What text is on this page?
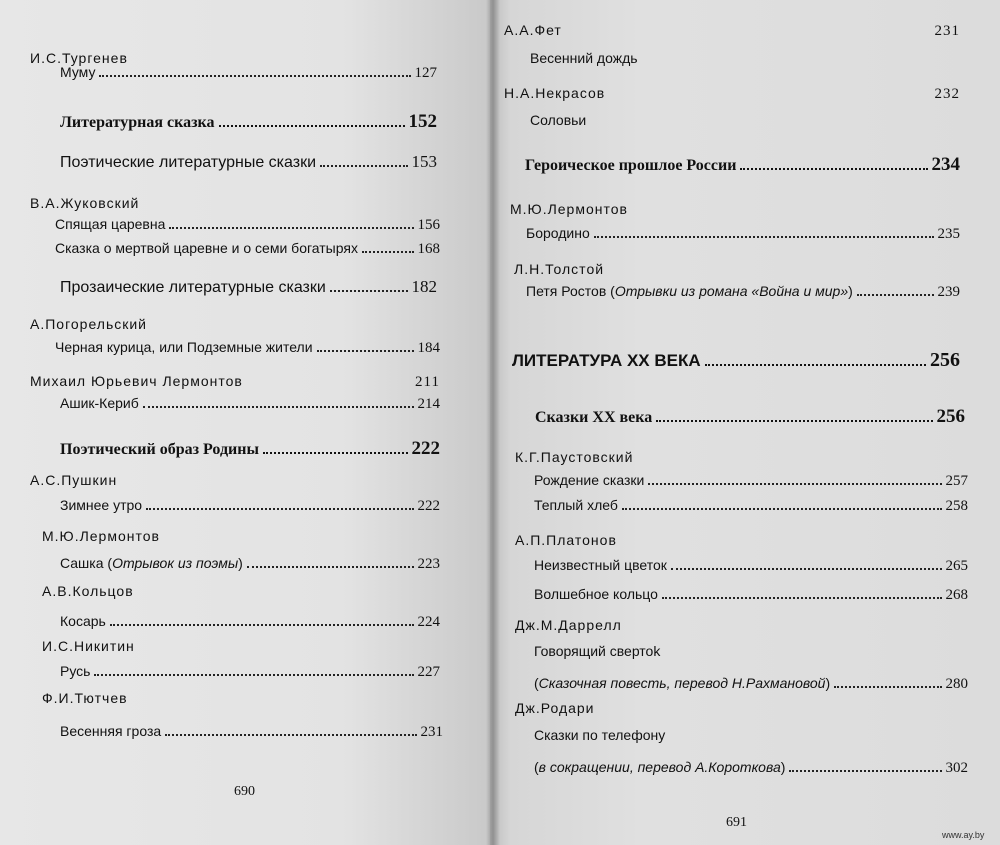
И.С.Тургенев
Муму	127
Литературная сказка	152
Поэтические литературные сказки	153
В.А.Жуковский
Спящая царевна	156
Сказка о мертвой царевне и о семи богатырях	168
Прозаические литературные сказки	182
А.Погорельский
Черная курица, или Подземные жители	184
Михаил Юрьевич Лермонтов	211
Ашик-Кериб	214
Поэтический образ Родины	222
А.С.Пушкин
Зимнее утро	222
М.Ю.Лермонтов
Сашка (Отрывок из поэмы)	223
А.В.Кольцов
Косарь	224
И.С.Никитин
Русь	227
Ф.И.Тютчев
Весенняя гроза	231
690
А.А.Фет	231
Весенний дождь
Н.А.Некрасов	232
Соловьи
Героическое прошлое России	234
М.Ю.Лермонтов
Бородино	235
Л.Н.Толстой
Петя Ростов (Отрывки из романа «Война и мир»)	239
ЛИТЕРАТУРА XX ВЕКА	256
Сказки XX века	256
К.Г.Паустовский
Рождение сказки	257
Теплый хлеб	258
А.П.Платонов
Неизвестный цветок	265
Волшебное кольцо	268
Дж.М.Даррелл
Говорящий свертоk
(Сказочная повесть, перевод Н.Рахмановой)	280
Дж.Родари
Сказки по телефону
(в сокращении, перевод А.Короткова)	302
691
www.ay.by
